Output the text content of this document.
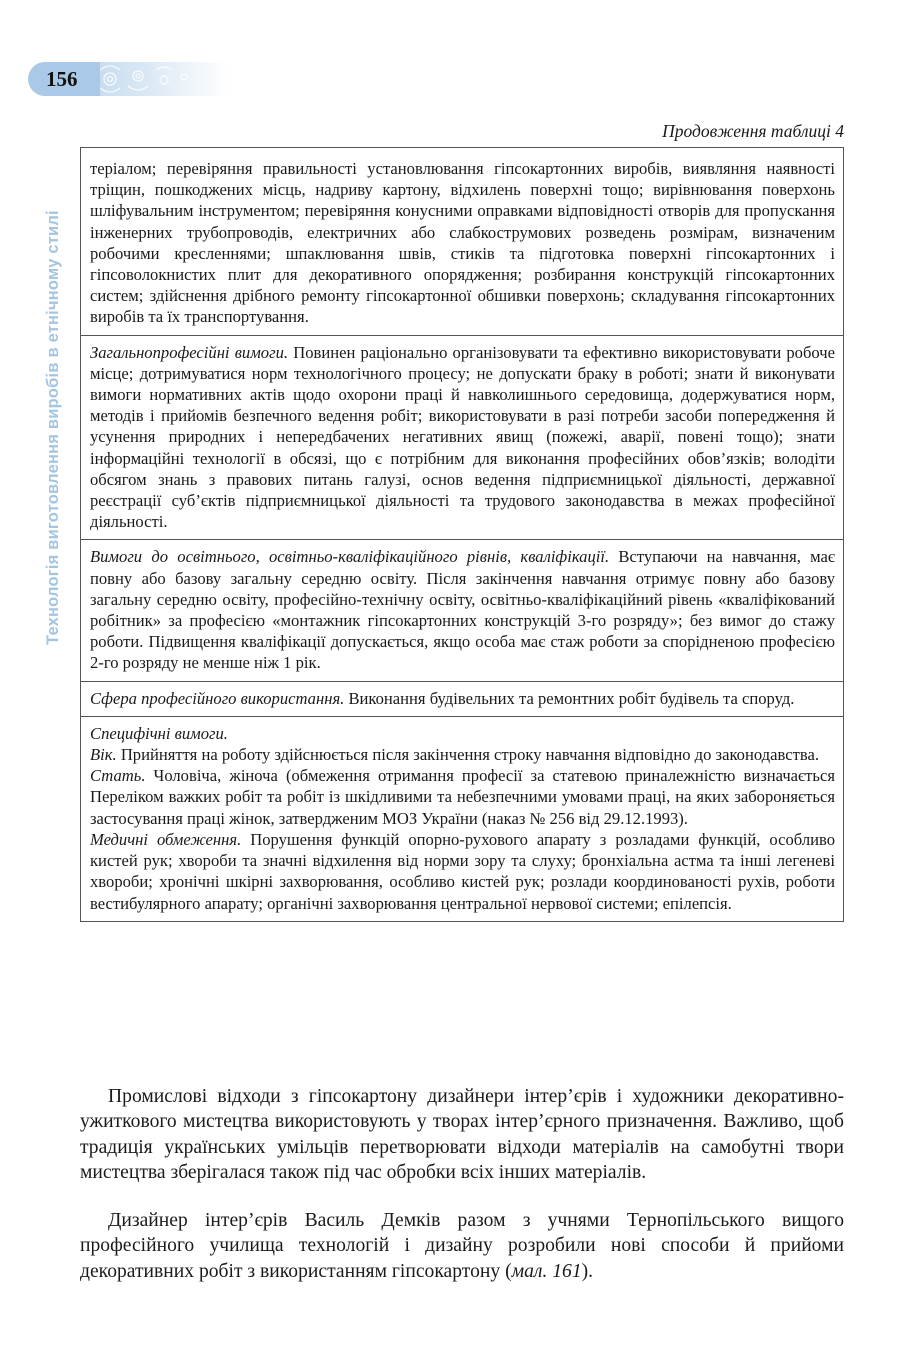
156
Технологія виготовлення виробів в етнічному стилі
Продовження таблиці 4

теріалом; перевіряння правильності установлювання гіпсокартонних виробів, виявляння наявності тріщин, пошкоджених місць, надриву картону, відхилень поверхні тощо; вирівнювання поверхонь шліфувальним інструментом; перевіряння конусними оправками відповідності отворів для пропускання інженерних трубопроводів, електричних або слабкострумових розведень розмірам, визначеним робочими кресленнями; шпаклювання швів, стиків та підготовка поверхні гіпсокартонних і гіпсоволокнистих плит для декоративного опорядження; розбирання конструкцій гіпсокартонних систем; здійснення дрібного ремонту гіпсокартонної обшивки поверхонь; складування гіпсокартонних виробів та їх транспортування.

Загальнопрофесійні вимоги. Повинен раціонально організовувати та ефективно використовувати робоче місце; дотримуватися норм технологічного процесу; не допускати браку в роботі; знати й виконувати вимоги нормативних актів щодо охорони праці й навколишнього середовища, додержуватися норм, методів і прийомів безпечного ведення робіт; використовувати в разі потреби засоби попередження й усунення природних і непередбачених негативних явищ (пожежі, аварії, повені тощо); знати інформаційні технології в обсязі, що є потрібним для виконання професійних обов’язків; володіти обсягом знань з правових питань галузі, основ ведення підприємницької діяльності, державної реєстрації суб’єктів підприємницької діяльності та трудового законодавства в межах професійної діяльності.

Вимоги до освітнього, освітньо-кваліфікаційного рівнів, кваліфікації. Вступаючи на навчання, має повну або базову загальну середню освіту. Після закінчення навчання отримує повну або базову загальну середню освіту, професійно-технічну освіту, освітньо-кваліфікаційний рівень «кваліфікований робітник» за професією «монтажник гіпсокартонних конструкцій 3-го розряду»; без вимог до стажу роботи. Підвищення кваліфікації допускається, якщо особа має стаж роботи за спорідненою професією 2-го розряду не менше ніж 1 рік.

Сфера професійного використання. Виконання будівельних та ремонтних робіт будівель та споруд.

Специфічні вимоги.
Вік. Прийняття на роботу здійснюється після закінчення строку навчання відповідно до законодавства.
Стать. Чоловіча, жіноча (обмеження отримання професії за статевою приналежністю визначається Переліком важких робіт та робіт із шкідливими та небезпечними умовами праці, на яких забороняється застосування праці жінок, затвердженим МОЗ України (наказ № 256 від 29.12.1993).
Медичні обмеження. Порушення функцій опорно-рухового апарату з розладами функцій, особливо кистей рук; хвороби та значні відхилення від норми зору та слуху; бронхіальна астма та інші легеневі хвороби; хронічні шкірні захворювання, особливо кистей рук; розлади координованості рухів, роботи вестибулярного апарату; органічні захворювання центральної нервової системи; епілепсія.

Промислові відходи з гіпсокартону дизайнери інтер’єрів і художники декоративно-ужиткового мистецтва використовують у творах інтер’єрного призначення. Важливо, щоб традиція українських умільців перетворювати відходи матеріалів на самобутні твори мистецтва зберігалася також під час обробки всіх інших матеріалів.

Дизайнер інтер’єрів Василь Демків разом з учнями Тернопільського вищого професійного училища технологій і дизайну розробили нові способи й прийоми декоративних робіт з використанням гіпсокартону (мал. 161).
